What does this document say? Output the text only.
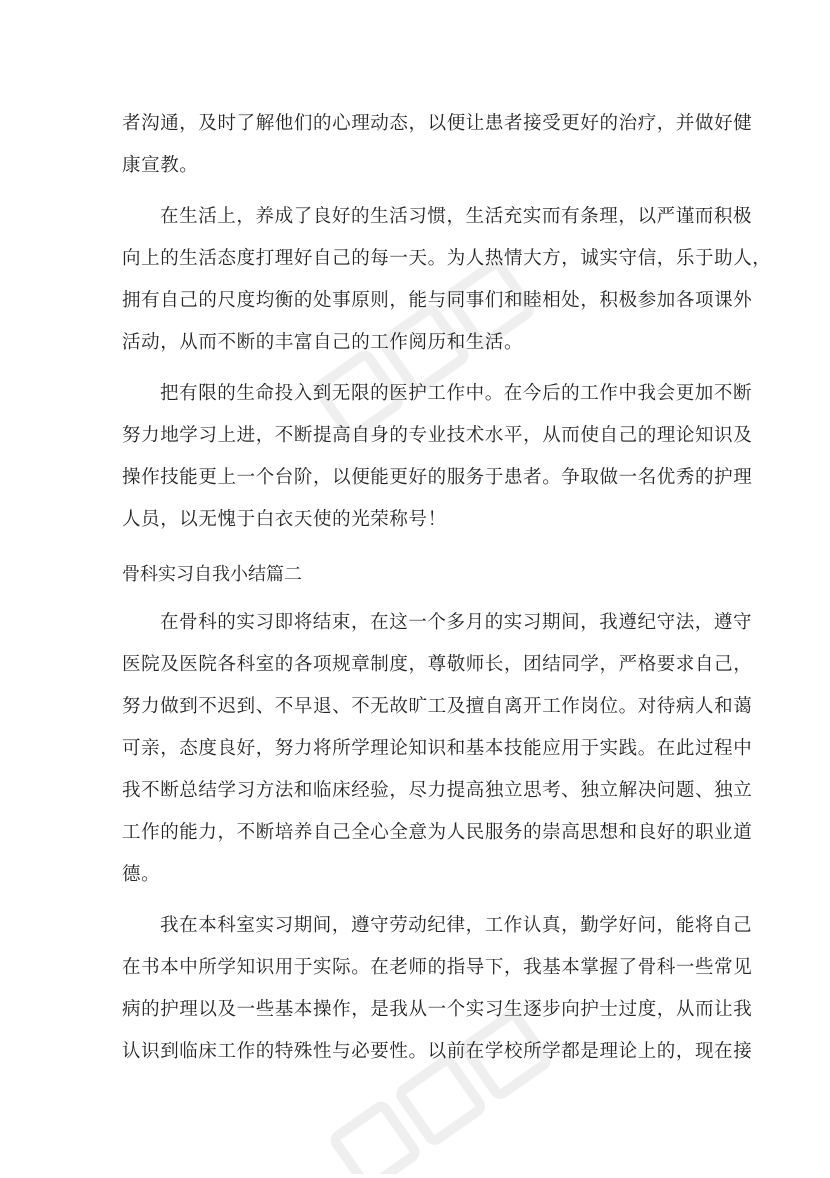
者沟通，及时了解他们的心理动态，以便让患者接受更好的治疗，并做好健
康宣教。
在生活上，养成了良好的生活习惯，生活充实而有条理，以严谨而积极
向上的生活态度打理好自己的每一天。为人热情大方，诚实守信，乐于助人，
拥有自己的尺度均衡的处事原则，能与同事们和睦相处，积极参加各项课外
活动，从而不断的丰富自己的工作阅历和生活。
把有限的生命投入到无限的医护工作中。在今后的工作中我会更加不断
努力地学习上进，不断提高自身的专业技术水平，从而使自己的理论知识及
操作技能更上一个台阶，以便能更好的服务于患者。争取做一名优秀的护理
人员，以无愧于白衣天使的光荣称号！
骨科实习自我小结篇二
在骨科的实习即将结束，在这一个多月的实习期间，我遵纪守法，遵守
医院及医院各科室的各项规章制度，尊敬师长，团结同学，严格要求自己，
努力做到不迟到、不早退、不无故旷工及擅自离开工作岗位。对待病人和蔼
可亲，态度良好，努力将所学理论知识和基本技能应用于实践。在此过程中
我不断总结学习方法和临床经验，尽力提高独立思考、独立解决问题、独立
工作的能力，不断培养自己全心全意为人民服务的崇高思想和良好的职业道
德。
我在本科室实习期间，遵守劳动纪律，工作认真，勤学好问，能将自己
在书本中所学知识用于实际。在老师的指导下，我基本掌握了骨科一些常见
病的护理以及一些基本操作，是我从一个实习生逐步向护士过度，从而让我
认识到临床工作的特殊性与必要性。以前在学校所学都是理论上的，现在接
